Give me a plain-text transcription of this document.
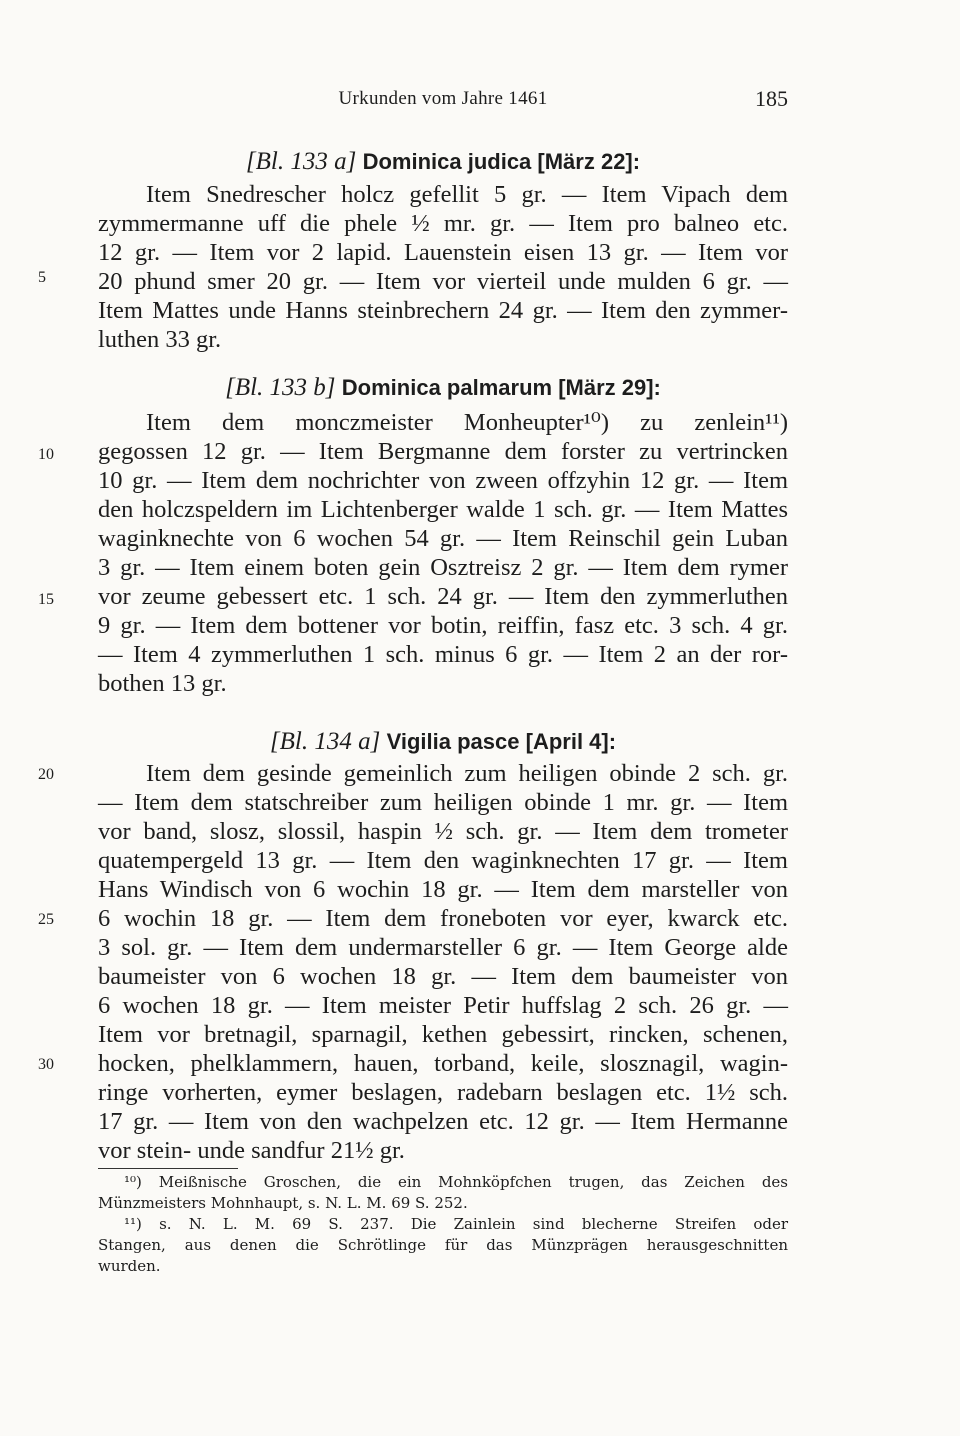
Urkunden vom Jahre 1461	185
[Bl. 133 a] Dominica judica [März 22]:
Item Snedrescher holcz gefellit 5 gr. — Item Vipach dem
zymmermanne uff die phele ½ mr. gr. — Item pro balneo etc.
12 gr. — Item vor 2 lapid. Lauenstein eisen 13 gr. — Item vor
20 phund smer 20 gr. — Item vor vierteil unde mulden 6 gr. —
Item Mattes unde Hanns steinbrechern 24 gr. — Item den zymmer-
luthen 33 gr.
[Bl. 133 b] Dominica palmarum [März 29]:
Item dem monczmeister Monheupter¹⁰) zu zenlein¹¹)
gegossen 12 gr. — Item Bergmanne dem forster zu vertrincken
10 gr. — Item dem nochrichter von zween offzyhin 12 gr. — Item
den holczspeldern im Lichtenberger walde 1 sch. gr. — Item Mattes
waginknechte von 6 wochen 54 gr. — Item Reinschil gein Luban
3 gr. — Item einem boten gein Osztreisz 2 gr. — Item dem rymer
vor zeume gebessert etc. 1 sch. 24 gr. — Item den zymmerluthen
9 gr. — Item dem bottener vor botin, reiffin, fasz etc. 3 sch. 4 gr.
— Item 4 zymmerluthen 1 sch. minus 6 gr. — Item 2 an der ror-
bothen 13 gr.
[Bl. 134 a] Vigilia pasce [April 4]:
Item dem gesinde gemeinlich zum heiligen obinde 2 sch. gr.
— Item dem statschreiber zum heiligen obinde 1 mr. gr. — Item
vor band, slosz, slossil, haspin ½ sch. gr. — Item dem trometer
quatempergeld 13 gr. — Item den waginknechten 17 gr. — Item
Hans Windisch von 6 wochin 18 gr. — Item dem marsteller von
6 wochin 18 gr. — Item dem froneboten vor eyer, kwarck etc.
3 sol. gr. — Item dem undermarsteller 6 gr. — Item George alde
baumeister von 6 wochen 18 gr. — Item dem baumeister von
6 wochen 18 gr. — Item meister Petir huffslag 2 sch. 26 gr. —
Item vor bretnagil, sparnagil, kethen gebessirt, rincken, schenen,
hocken, phelklammern, hauen, torband, keile, slosznagil, wagin-
ringe vorherten, eymer beslagen, radebarn beslagen etc. 1½ sch.
17 gr. — Item von den wachpelzen etc. 12 gr. — Item Hermanne
vor stein- unde sandfur 21½ gr.
5
10
15
20
25
30
¹⁰) Meißnische Groschen, die ein Mohnköpfchen trugen, das Zeichen des
Münzmeisters Mohnhaupt, s. N. L. M. 69 S. 252.
¹¹) s. N. L. M. 69 S. 237. Die Zainlein sind blecherne Streifen oder
Stangen, aus denen die Schrötlinge für das Münzprägen herausgeschnitten
wurden.
